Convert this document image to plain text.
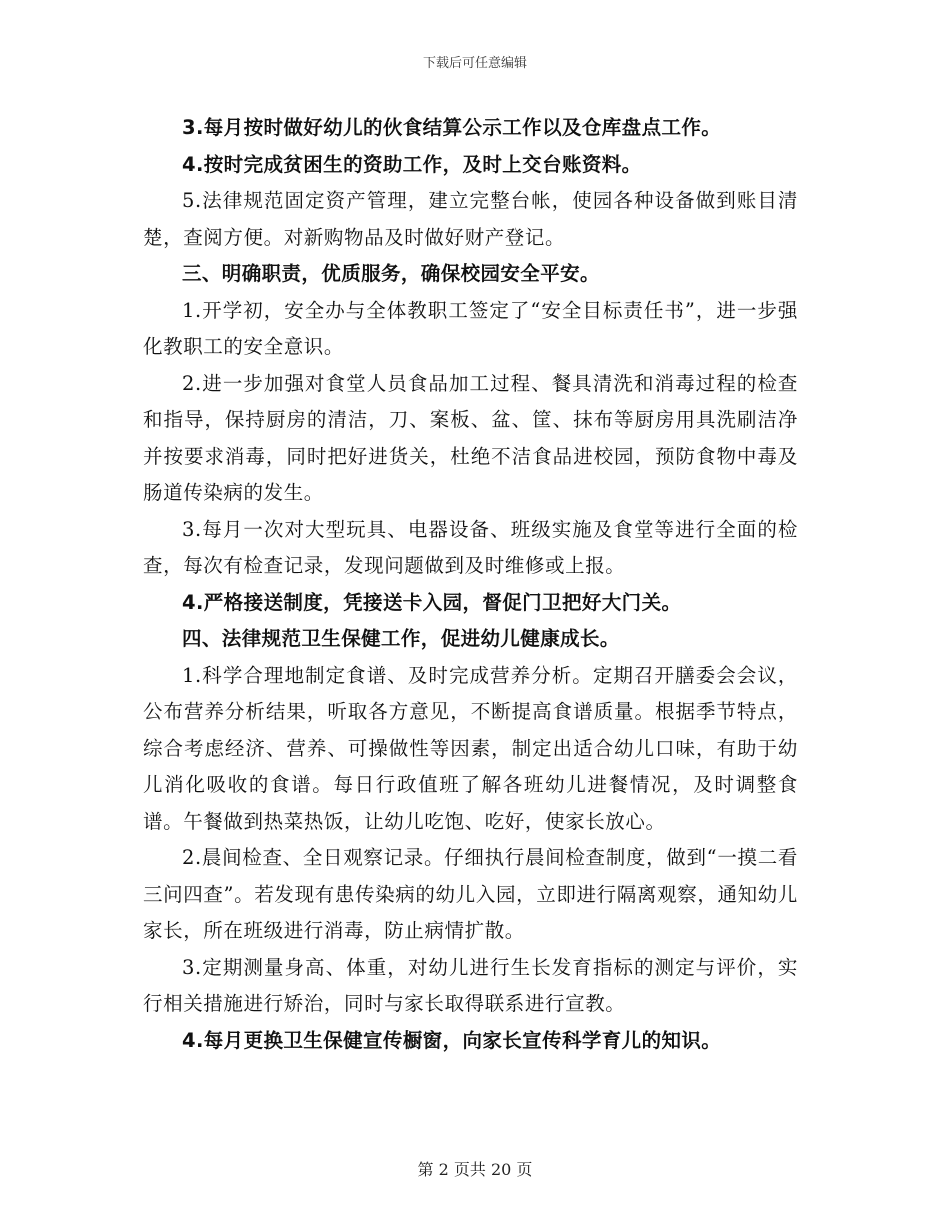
下载后可任意编辑

3.每月按时做好幼儿的伙食结算公示工作以及仓库盘点工作。

4.按时完成贫困生的资助工作，及时上交台账资料。

5.法律规范固定资产管理，建立完整台帐，使园各种设备做到账目清楚，查阅方便。对新购物品及时做好财产登记。

三、明确职责，优质服务，确保校园安全平安。

1.开学初，安全办与全体教职工签定了“安全目标责任书”，进一步强化教职工的安全意识。

2.进一步加强对食堂人员食品加工过程、餐具清洗和消毒过程的检查和指导，保持厨房的清洁，刀、案板、盆、筐、抹布等厨房用具洗刷洁净并按要求消毒，同时把好进货关，杜绝不洁食品进校园，预防食物中毒及肠道传染病的发生。

3.每月一次对大型玩具、电器设备、班级实施及食堂等进行全面的检查，每次有检查记录，发现问题做到及时维修或上报。

4.严格接送制度，凭接送卡入园，督促门卫把好大门关。

四、法律规范卫生保健工作，促进幼儿健康成长。

1.科学合理地制定食谱、及时完成营养分析。定期召开膳委会会议，公布营养分析结果，听取各方意见，不断提高食谱质量。根据季节特点，综合考虑经济、营养、可操做性等因素，制定出适合幼儿口味，有助于幼儿消化吸收的食谱。每日行政值班了解各班幼儿进餐情况，及时调整食谱。午餐做到热菜热饭，让幼儿吃饱、吃好，使家长放心。

2.晨间检查、全日观察记录。仔细执行晨间检查制度，做到“一摸二看三问四查”。若发现有患传染病的幼儿入园，立即进行隔离观察，通知幼儿家长，所在班级进行消毒，防止病情扩散。

3.定期测量身高、体重，对幼儿进行生长发育指标的测定与评价，实行相关措施进行矫治，同时与家长取得联系进行宣教。

4.每月更换卫生保健宣传橱窗，向家长宣传科学育儿的知识。

第 2 页共 20 页
